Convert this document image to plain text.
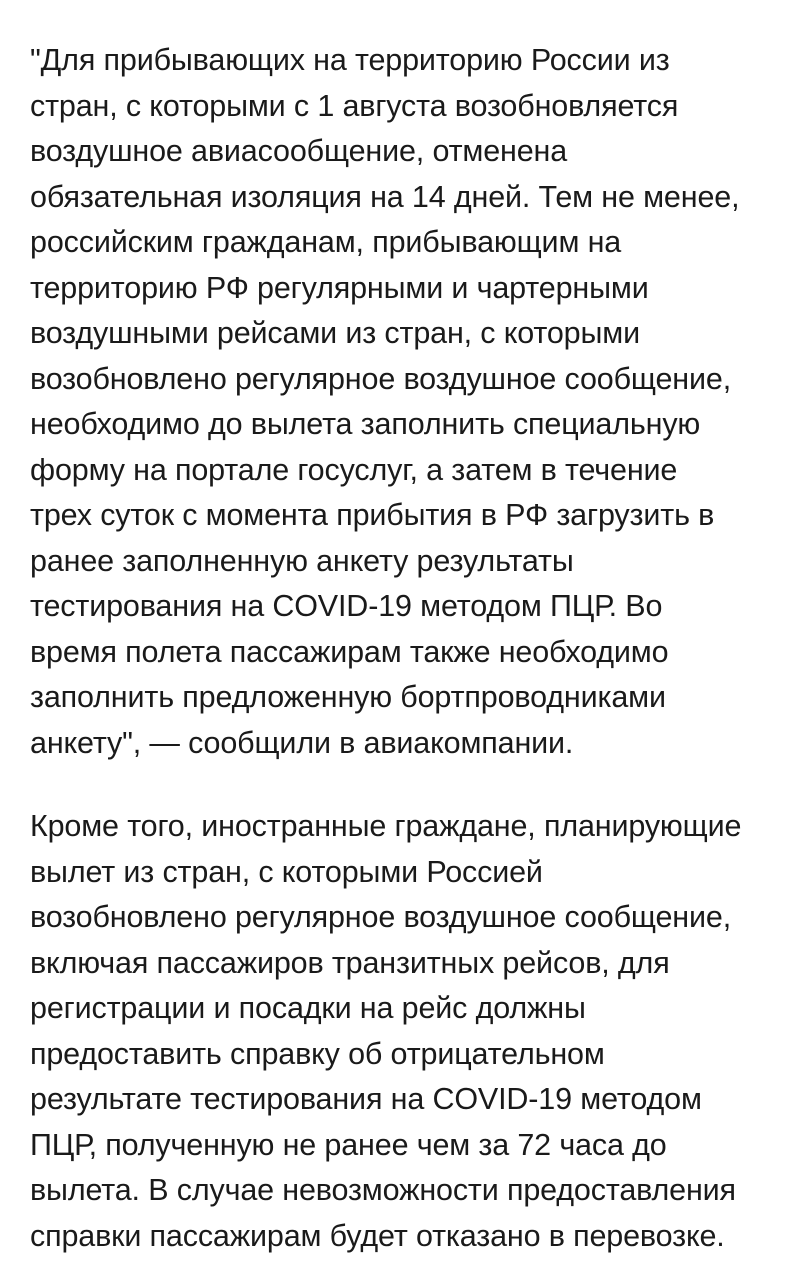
"Для прибывающих на территорию России из
стран, с которыми с 1 августа возобновляется
воздушное авиасообщение, отменена
обязательная изоляция на 14 дней. Тем не менее,
российским гражданам, прибывающим на
территорию РФ регулярными и чартерными
воздушными рейсами из стран, с которыми
возобновлено регулярное воздушное сообщение,
необходимо до вылета заполнить специальную
форму на портале госуслуг, а затем в течение
трех суток с момента прибытия в РФ загрузить в
ранее заполненную анкету результаты
тестирования на COVID-19 методом ПЦР. Во
время полета пассажирам также необходимо
заполнить предложенную бортпроводниками
анкету", — сообщили в авиакомпании.

Кроме того, иностранные граждане, планирующие
вылет из стран, с которыми Россией
возобновлено регулярное воздушное сообщение,
включая пассажиров транзитных рейсов, для
регистрации и посадки на рейс должны
предоставить справку об отрицательном
результате тестирования на COVID-19 методом
ПЦР, полученную не ранее чем за 72 часа до
вылета. В случае невозможности предоставления
справки пассажирам будет отказано в перевозке.
